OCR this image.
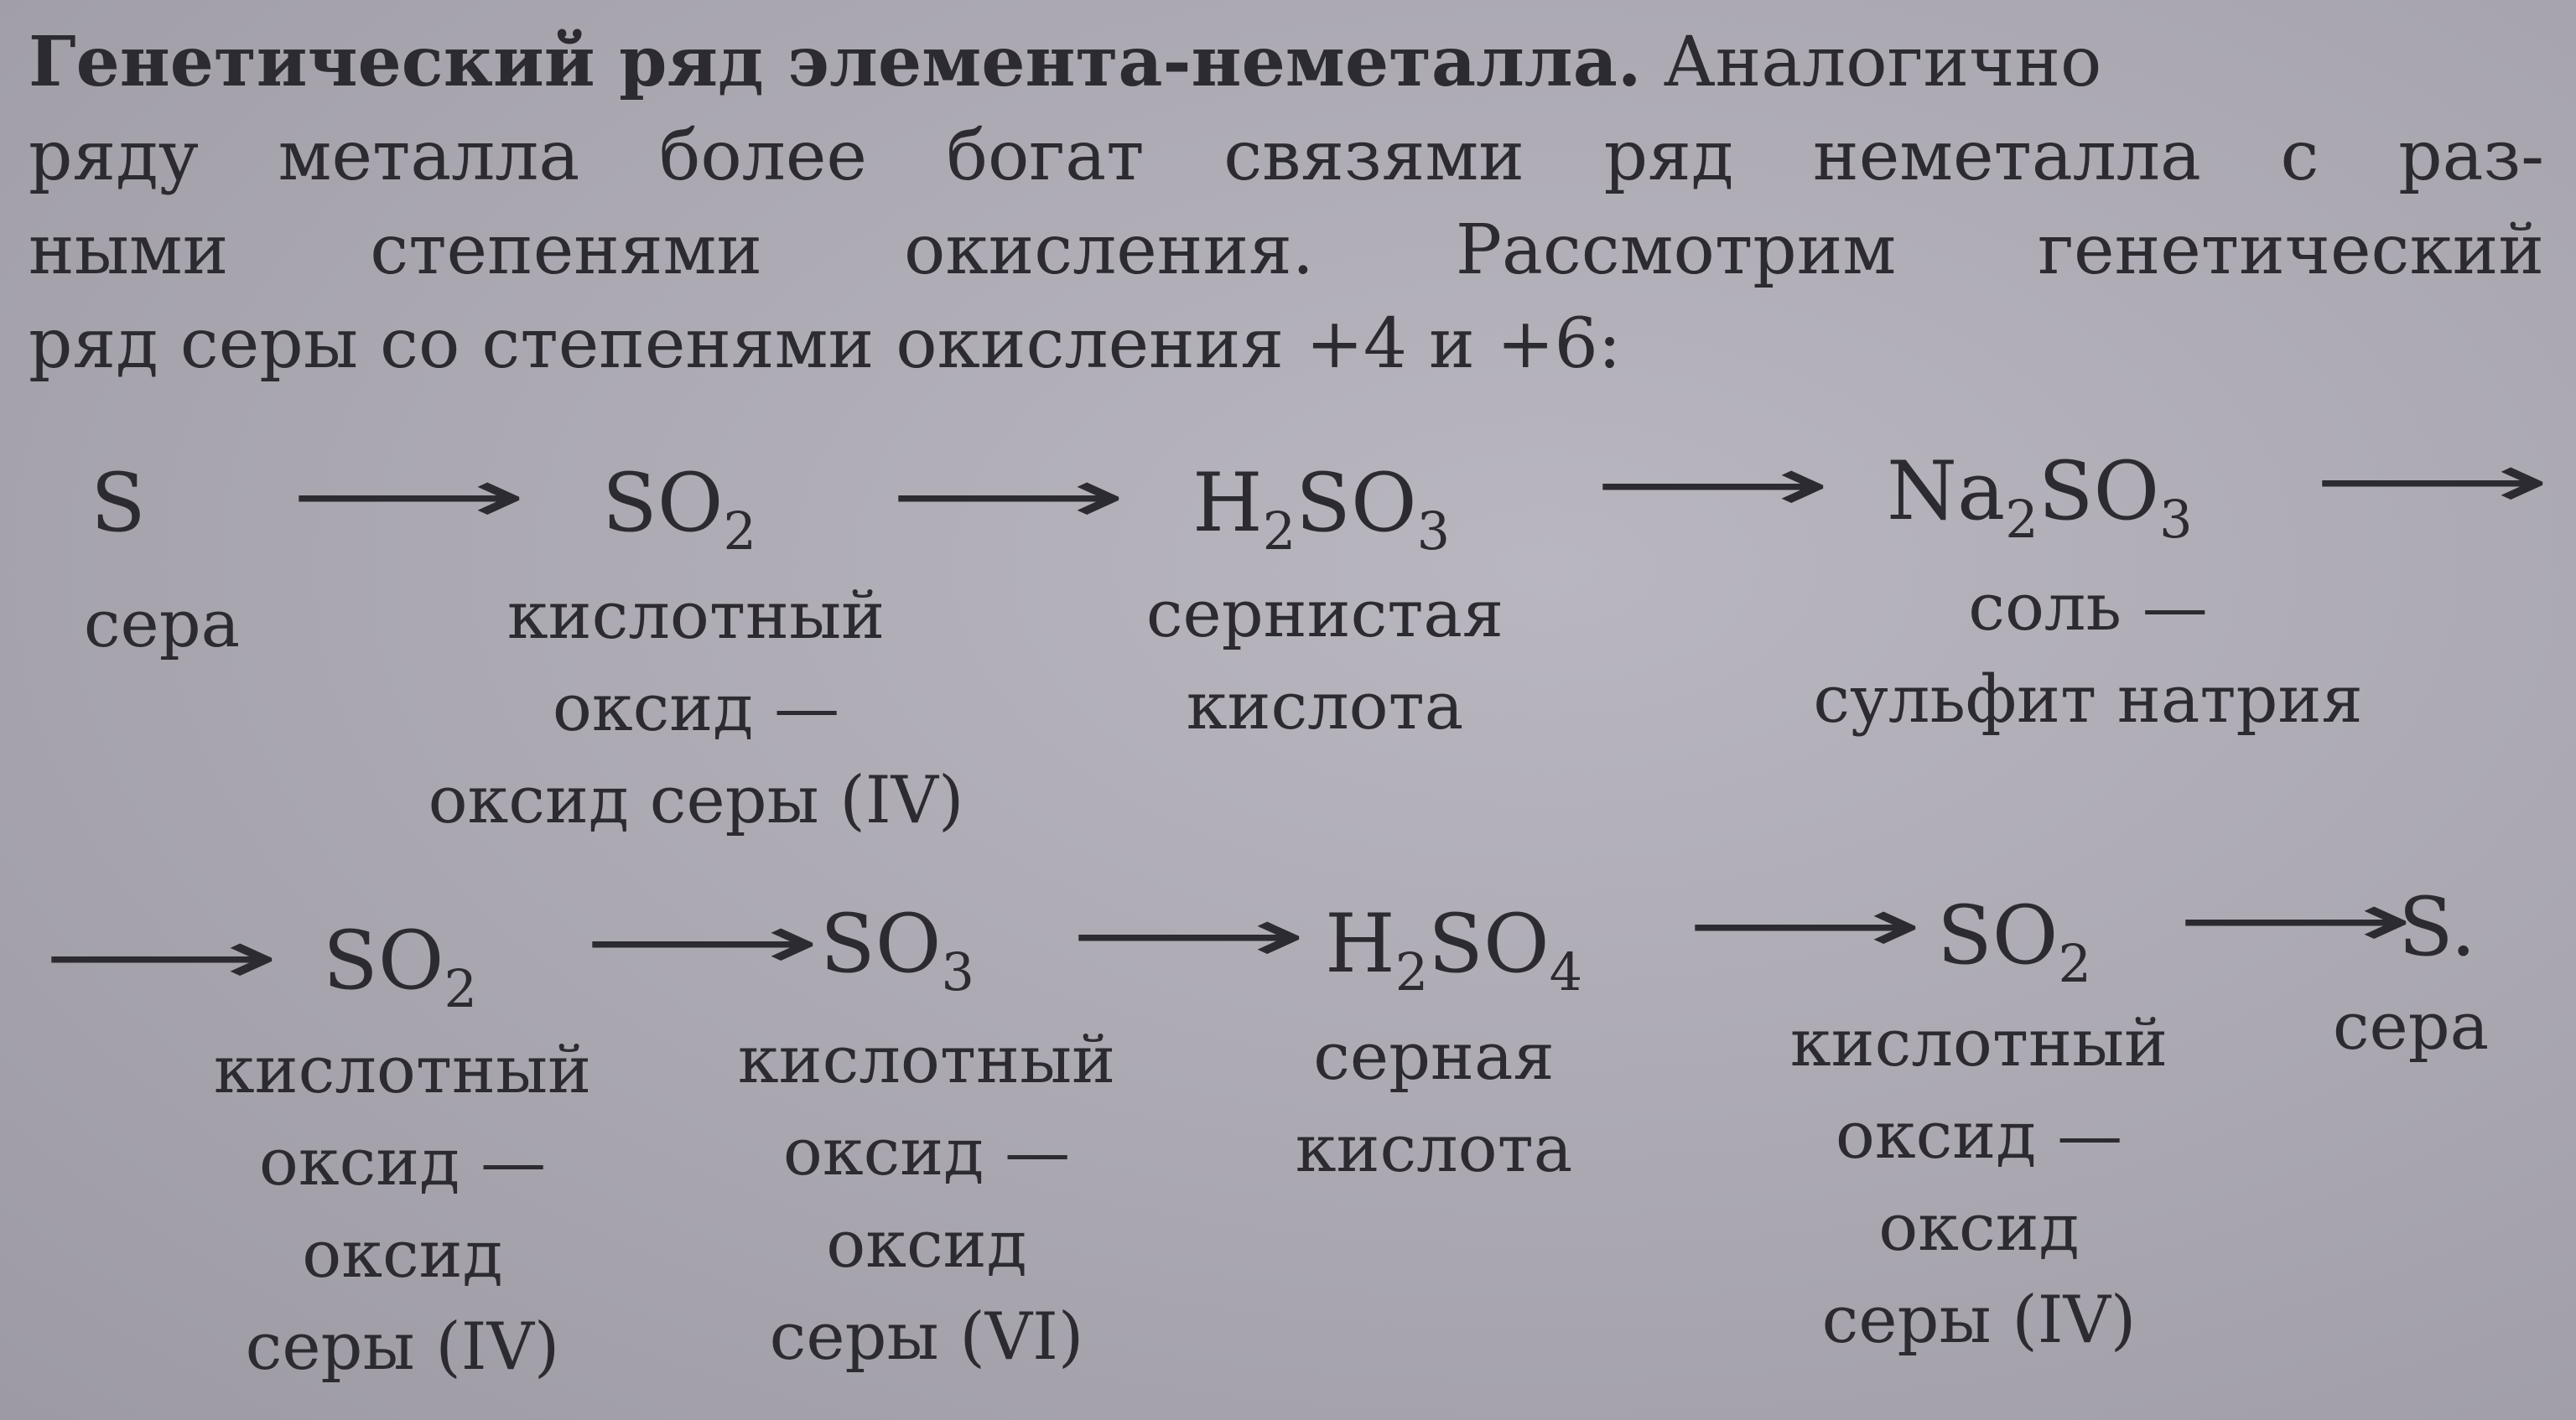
Генетический ряд элемента-неметалла. Аналогично
ряду металла более богат связями ряд неметалла с раз-
ными степенями окисления. Рассмотрим генетический
ряд серы со степенями окисления +4 и +6:
S ⟶ $SO_2$ ⟶ $H_2SO_3$
⟶ $Na_2SO_3$ ⟶
сера	кислотный
оксид —
оксид серы (IV)
сернистая
кислота
соль —
сульфит натрия
⟶ $SO_2$
⟶ $SO_3$ ⟶ $H_2SO_4$
⟶ $SO_2$ ⟶
S.
кислотный
оксид —
оксид
серы (IV)
кислотный
оксид —
оксид
серы (VI)
серная
кислота
кислотный
оксид —
оксид
серы (IV)
сера
